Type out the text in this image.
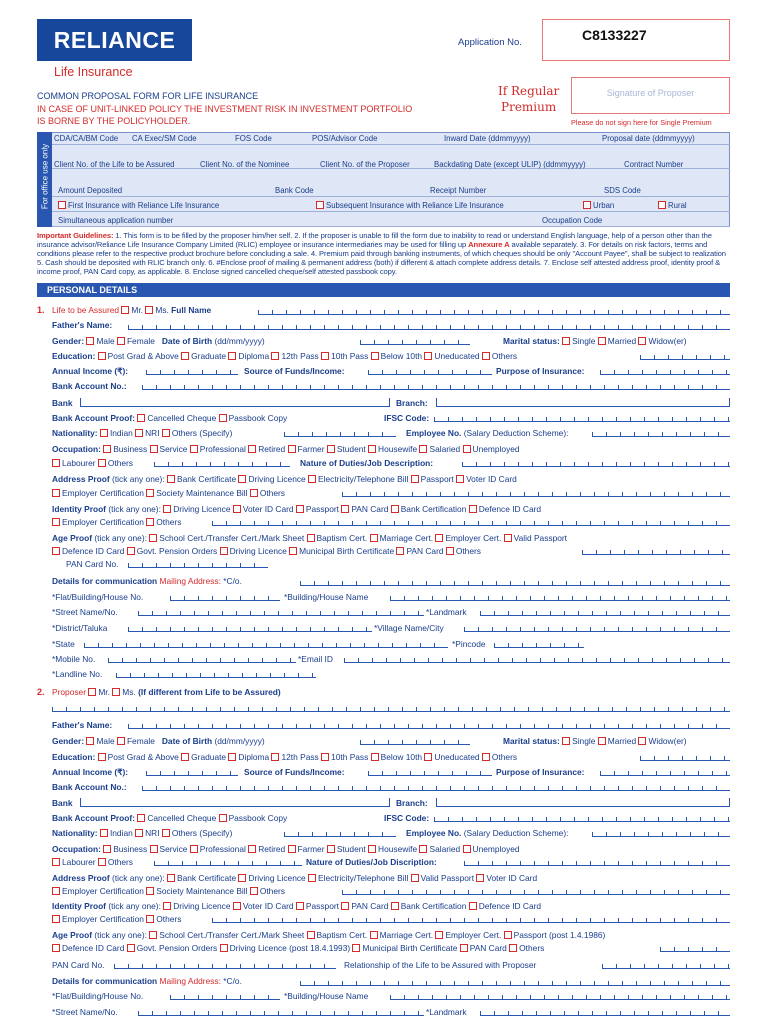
RELIANCE
Life Insurance
Application No.	C8133227
If Regular
Premium
Signature of Proposer
Please do not sign here for Single Premium
COMMON PROPOSAL FORM FOR LIFE INSURANCE
IN CASE OF UNIT-LINKED POLICY THE INVESTMENT RISK IN INVESTMENT PORTFOLIO IS BORNE BY THE POLICYHOLDER.
For office use only
CDA/CA/BM Code CA Exec/SM Code	FOS Code	POS/Advisor Code	Inward Date (ddmmyyyy)	Proposal date (ddmmyyyy)
Client No. of the Life to be Assured	Client No. of the Nominee	Client No. of the Proposer	Backdating Date (except ULIP) (ddmmyyyy)	Contract Number
Amount Deposited	Bank Code	Receipt Number	SDS Code
First Insurance with Reliance Life Insurance	Subsequent Insurance with Reliance Life Insurance	Urban	Rural
Simultaneous application number	Occupation Code
Important Guidelines: 1. This form is to be filled by the proposer him/her self. 2. If the proposer is unable to fill the form due to inability to read or understand English language, help of a person other than the insurance advisor/Reliance Life Insurance Company Limited (RLIC) employee or insurance intermediaries may be used for filling up Annexure A available separately. 3. For details on risk factors, terms and conditions please refer to the respective product brochure before concluding a sale. 4. Premium paid through banking instruments, of which cheques should be only "Account Payee", shall be subject to realization 5. Cash should be deposited with RLIC branch only. 6. #Enclose proof of mailing & permanent address (both) if different & attach complete address details. 7. Enclose self attested address proof, identity proof & income proof, PAN Card copy, as applicable. 8. Enclose signed cancelled cheque/self attested passbook copy.
PERSONAL DETAILS
1. Life to be Assured Mr. Ms. Full Name
Father's Name:
Gender: Male Female Date of Birth (dd/mm/yyyy)	Marital status: Single Married Widow(er)
Education: Post Grad & Above Graduate Diploma 12th Pass 10th Pass Below 10th Uneducated Others
Annual Income (₹):	Source of Funds/Income:	Purpose of Insurance:
Bank Account No.:
Bank	Branch:
Bank Account Proof: Cancelled Cheque Passbook Copy	IFSC Code:
Nationality: Indian NRI Others (Specify)	Employee No. (Salary Deduction Scheme):
Occupation: Business Service Professional Retired Farmer Student Housewife Salaried Unemployed
Labourer Others	Nature of Duties/Job Description:
Address Proof (tick any one): Bank Certificate Driving Licence Electricity/Telephone Bill Passport Voter ID Card
Employer Certification Society Maintenance Bill Others
Identity Proof (tick any one): Driving Licence Voter ID Card Passport PAN Card Bank Certification Defence ID Card
Employer Certification Others
Age Proof (tick any one): School Cert./Transfer Cert./Mark Sheet Baptism Cert. Marriage Cert. Employer Cert. Valid Passport
Defence ID Card Govt. Pension Orders Driving Licence Municipal Birth Certificate PAN Card Others
PAN Card No.
Details for communication Mailing Address: *C/o.
*Flat/Building/House No.	*Building/House Name
*Street Name/No.	*Landmark
*District/Taluka	*Village Name/City
*State	*Pincode
*Mobile No.	*Email ID
*Landline No.
2. Proposer Mr. Ms. (If different from Life to be Assured)
Father's Name:
Gender: Male Female Date of Birth (dd/mm/yyyy)	Marital status: Single Married Widow(er)
Education: Post Grad & Above Graduate Diploma 12th Pass 10th Pass Below 10th Uneducated Others
Annual Income (₹):	Source of Funds/Income:	Purpose of Insurance:
Bank Account No.:
Bank	Branch:
Bank Account Proof: Cancelled Cheque Passbook Copy	IFSC Code:
Nationality: Indian NRI Others (Specify)	Employee No. (Salary Deduction Scheme):
Occupation: Business Service Professional Retired Farmer Student Housewife Salaried Unemployed
Labourer Others	Nature of Duties/Job Discription:
Address Proof (tick any one): Bank Certificate Driving Licence Electricity/Telephone Bill Valid Passport Voter ID Card
Employer Certification Society Maintenance Bill Others
Identity Proof (tick any one): Driving Licence Voter ID Card Passport PAN Card Bank Certification Defence ID Card
Employer Certification Others
Age Proof (tick any one): School Cert./Transfer Cert./Mark Sheet Baptism Cert. Marriage Cert. Employer Cert. Passport (post 1.4.1986)
Defence ID Card Govt. Pension Orders Driving Licence (post 18.4.1993) Municipal Birth Certificate PAN Card Others
PAN Card No.	Relationship of the Life to be Assured with Proposer
Details for communication Mailing Address: *C/o.
*Flat/Building/House No.	*Building/House Name
*Street Name/No.	*Landmark
